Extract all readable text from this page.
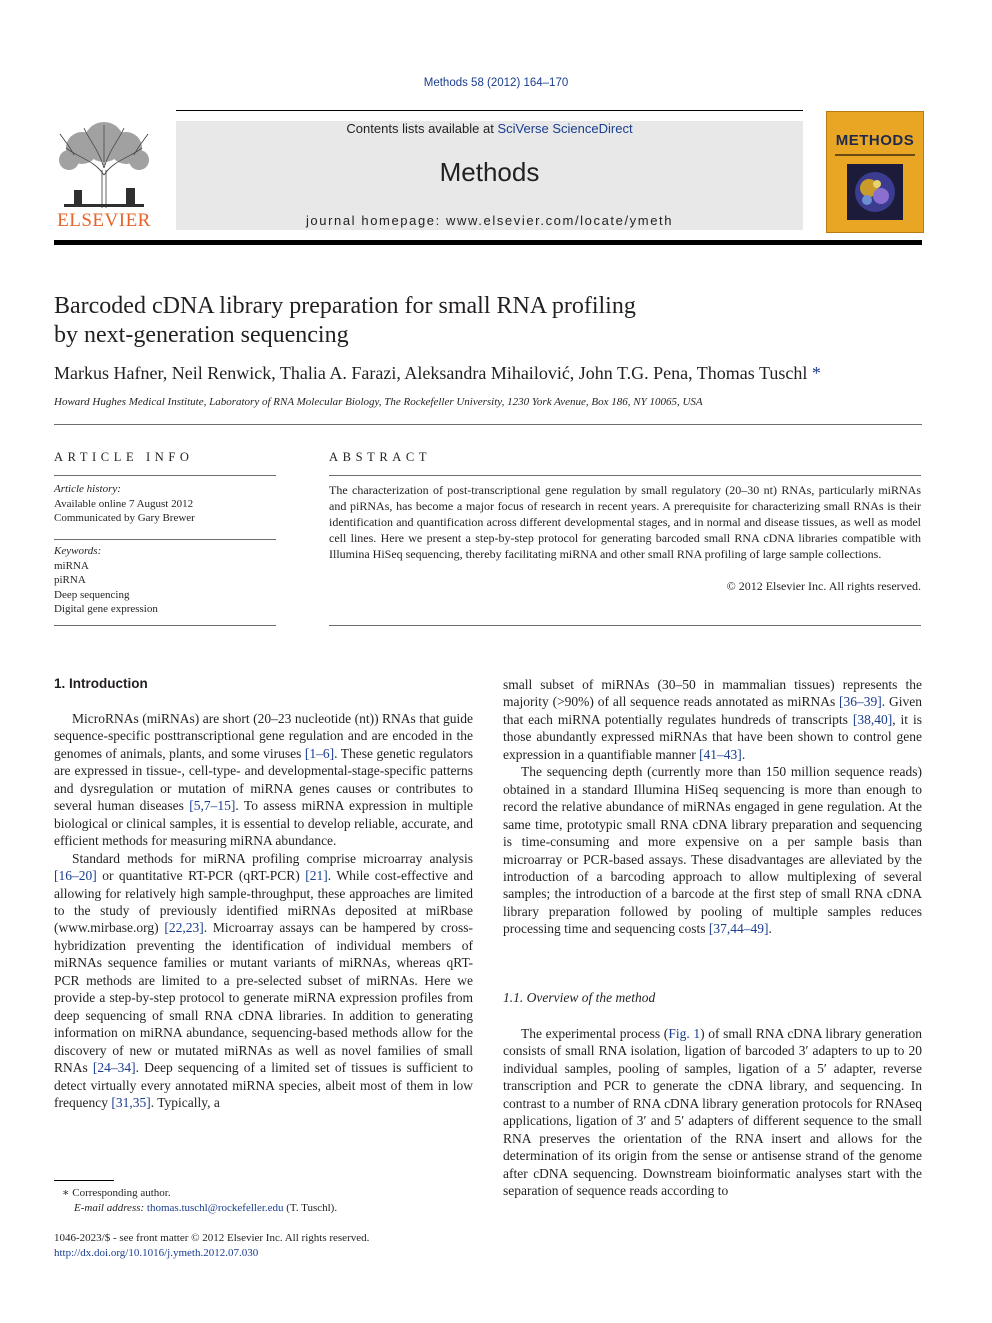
Methods 58 (2012) 164–170
ELSEVIER
Contents lists available at SciVerse ScienceDirect
Methods
journal homepage: www.elsevier.com/locate/ymeth
METHODS
Barcoded cDNA library preparation for small RNA profiling
by next-generation sequencing
Markus Hafner, Neil Renwick, Thalia A. Farazi, Aleksandra Mihailović, John T.G. Pena, Thomas Tuschl *
Howard Hughes Medical Institute, Laboratory of RNA Molecular Biology, The Rockefeller University, 1230 York Avenue, Box 186, NY 10065, USA
ARTICLE INFO
Article history:
Available online 7 August 2012
Communicated by Gary Brewer
Keywords:
miRNA
piRNA
Deep sequencing
Digital gene expression
ABSTRACT
The characterization of post-transcriptional gene regulation by small regulatory (20–30 nt) RNAs, particularly miRNAs and piRNAs, has become a major focus of research in recent years. A prerequisite for characterizing small RNAs is their identification and quantification across different developmental stages, and in normal and disease tissues, as well as model cell lines. Here we present a step-by-step protocol for generating barcoded small RNA cDNA libraries compatible with Illumina HiSeq sequencing, thereby facilitating miRNA and other small RNA profiling of large sample collections.
© 2012 Elsevier Inc. All rights reserved.
1. Introduction

MicroRNAs (miRNAs) are short (20–23 nucleotide (nt)) RNAs that guide sequence-specific posttranscriptional gene regulation and are encoded in the genomes of animals, plants, and some viruses [1–6]. These genetic regulators are expressed in tissue-, cell-type- and developmental-stage-specific patterns and dysregulation or mutation of miRNA genes causes or contributes to several human diseases [5,7–15]. To assess miRNA expression in multiple biological or clinical samples, it is essential to develop reliable, accurate, and efficient methods for measuring miRNA abundance.

Standard methods for miRNA profiling comprise microarray analysis [16–20] or quantitative RT-PCR (qRT-PCR) [21]. While cost-effective and allowing for relatively high sample-throughput, these approaches are limited to the study of previously identified miRNAs deposited at miRbase (www.mirbase.org) [22,23]. Microarray assays can be hampered by cross-hybridization preventing the identification of individual members of miRNAs sequence families or mutant variants of miRNAs, whereas qRT-PCR methods are limited to a pre-selected subset of miRNAs. Here we provide a step-by-step protocol to generate miRNA expression profiles from deep sequencing of small RNA cDNA libraries. In addition to generating information on miRNA abundance, sequencing-based methods allow for the discovery of new or mutated miRNAs as well as novel families of small RNAs [24–34]. Deep sequencing of a limited set of tissues is sufficient to detect virtually every annotated miRNA species, albeit most of them in low frequency [31,35]. Typically, a

small subset of miRNAs (30–50 in mammalian tissues) represents the majority (>90%) of all sequence reads annotated as miRNAs [36–39]. Given that each miRNA potentially regulates hundreds of transcripts [38,40], it is those abundantly expressed miRNAs that have been shown to control gene expression in a quantifiable manner [41–43].

The sequencing depth (currently more than 150 million sequence reads) obtained in a standard Illumina HiSeq sequencing is more than enough to record the relative abundance of miRNAs engaged in gene regulation. At the same time, prototypic small RNA cDNA library preparation and sequencing is time-consuming and more expensive on a per sample basis than microarray or PCR-based assays. These disadvantages are alleviated by the introduction of a barcoding approach to allow multiplexing of several samples; the introduction of a barcode at the first step of small RNA cDNA library preparation followed by pooling of multiple samples reduces processing time and sequencing costs [37,44–49].

1.1. Overview of the method

The experimental process (Fig. 1) of small RNA cDNA library generation consists of small RNA isolation, ligation of barcoded 3′ adapters to up to 20 individual samples, pooling of samples, ligation of a 5′ adapter, reverse transcription and PCR to generate the cDNA library, and sequencing. In contrast to a number of RNA cDNA library generation protocols for RNAseq applications, ligation of 3′ and 5′ adapters of different sequence to the small RNA preserves the orientation of the RNA insert and allows for the determination of its origin from the sense or antisense strand of the genome after cDNA sequencing. Downstream bioinformatic analyses start with the separation of sequence reads according to

∗ Corresponding author.
E-mail address: thomas.tuschl@rockefeller.edu (T. Tuschl).
1046-2023/$ - see front matter © 2012 Elsevier Inc. All rights reserved.
http://dx.doi.org/10.1016/j.ymeth.2012.07.030
